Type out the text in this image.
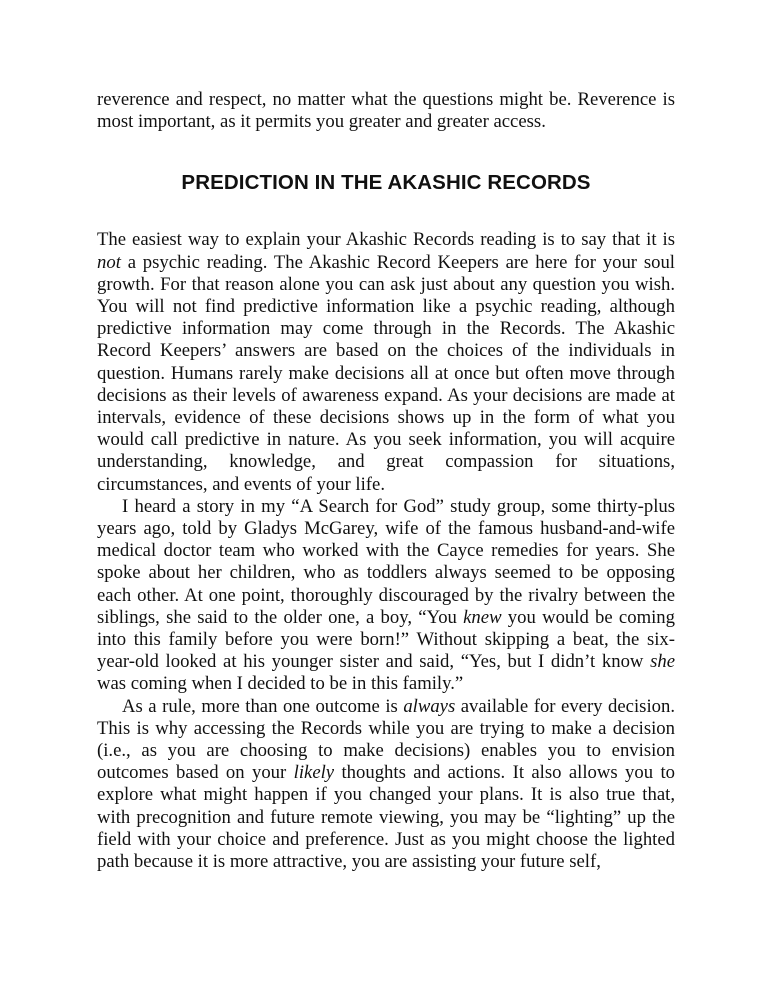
reverence and respect, no matter what the questions might be. Reverence is most important, as it permits you greater and greater access.

PREDICTION IN THE AKASHIC RECORDS

The easiest way to explain your Akashic Records reading is to say that it is not a psychic reading. The Akashic Record Keepers are here for your soul growth. For that reason alone you can ask just about any question you wish. You will not find predictive information like a psychic reading, although predictive information may come through in the Records. The Akashic Record Keepers’ answers are based on the choices of the individuals in question. Humans rarely make decisions all at once but often move through decisions as their levels of awareness expand. As your decisions are made at intervals, evidence of these decisions shows up in the form of what you would call predictive in nature. As you seek information, you will acquire understanding, knowledge, and great compassion for situations, circumstances, and events of your life.

I heard a story in my “A Search for God” study group, some thirty-plus years ago, told by Gladys McGarey, wife of the famous husband-and-wife medical doctor team who worked with the Cayce remedies for years. She spoke about her children, who as toddlers always seemed to be opposing each other. At one point, thoroughly discouraged by the rivalry between the siblings, she said to the older one, a boy, “You knew you would be coming into this family before you were born!” Without skipping a beat, the six-year-old looked at his younger sister and said, “Yes, but I didn’t know she was coming when I decided to be in this family.”

As a rule, more than one outcome is always available for every decision. This is why accessing the Records while you are trying to make a decision (i.e., as you are choosing to make decisions) enables you to envision outcomes based on your likely thoughts and actions. It also allows you to explore what might happen if you changed your plans. It is also true that, with precognition and future remote viewing, you may be “lighting” up the field with your choice and preference. Just as you might choose the lighted path because it is more attractive, you are assisting your future self,
